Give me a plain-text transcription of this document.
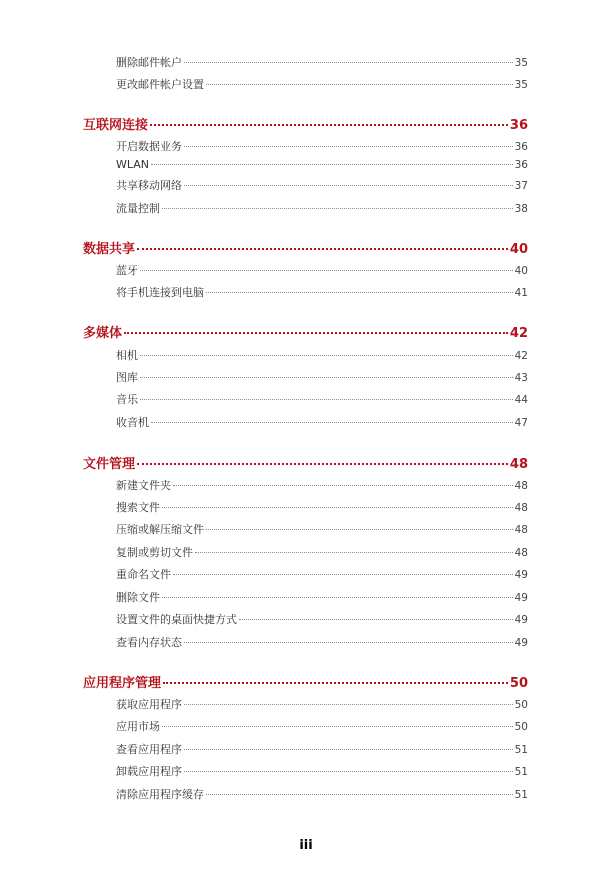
删除邮件帐户	35
更改邮件帐户设置	35
互联网连接	36
开启数据业务	36
WLAN	36
共享移动网络	37
流量控制	38
数据共享	40
蓝牙	40
将手机连接到电脑	41
多媒体	42
相机	42
图库	43
音乐	44
收音机	47
文件管理	48
新建文件夹	48
搜索文件	48
压缩或解压缩文件	48
复制或剪切文件	48
重命名文件	49
删除文件	49
设置文件的桌面快捷方式	49
查看内存状态	49
应用程序管理	50
获取应用程序	50
应用市场	50
查看应用程序	51
卸载应用程序	51
清除应用程序缓存	51
iii
